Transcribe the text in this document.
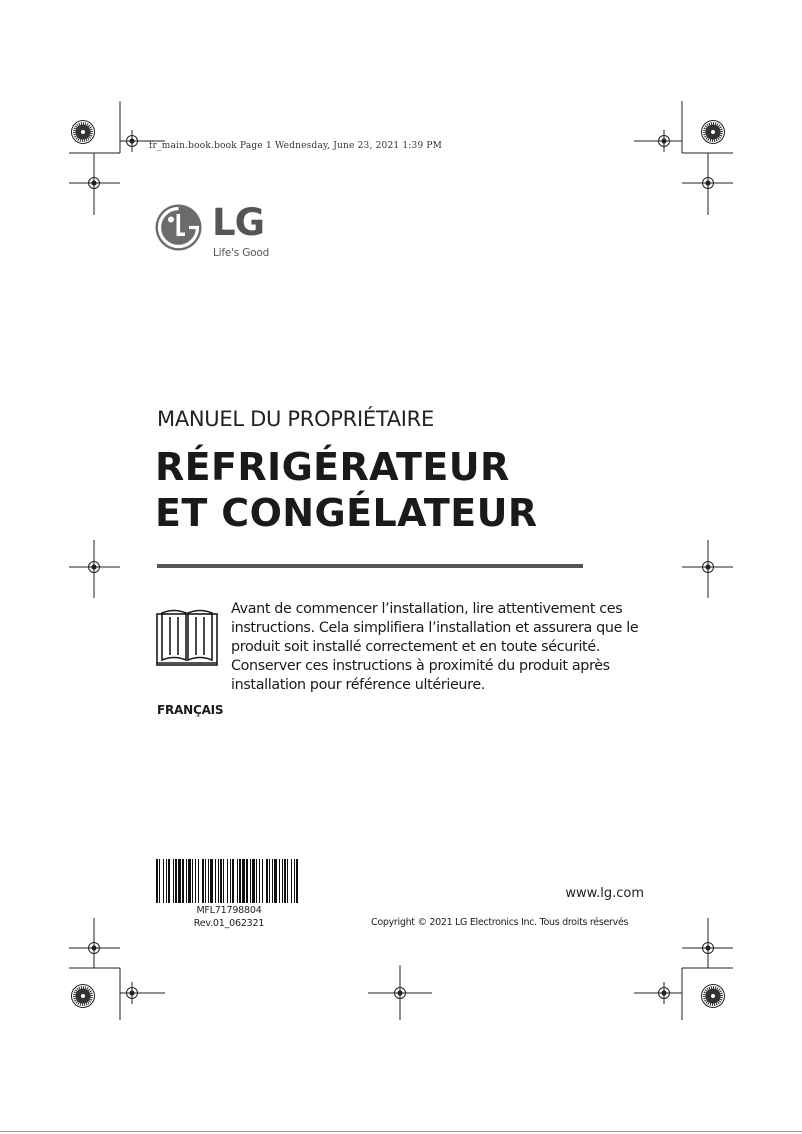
fr_main.book.book Page 1 Wednesday, June 23, 2021 1:39 PM
LG
Life's Good
MANUEL DU PROPRIÉTAIRE
RÉFRIGÉRATEUR
ET CONGÉLATEUR
Avant de commencer l’installation, lire attentivement ces
instructions. Cela simplifiera l’installation et assurera que le
produit soit installé correctement et en toute sécurité.
Conserver ces instructions à proximité du produit après
installation pour référence ultérieure.
FRANÇAIS
MFL71798804
Rev.01_062321
www.lg.com
Copyright © 2021 LG Electronics Inc. Tous droits réservés
